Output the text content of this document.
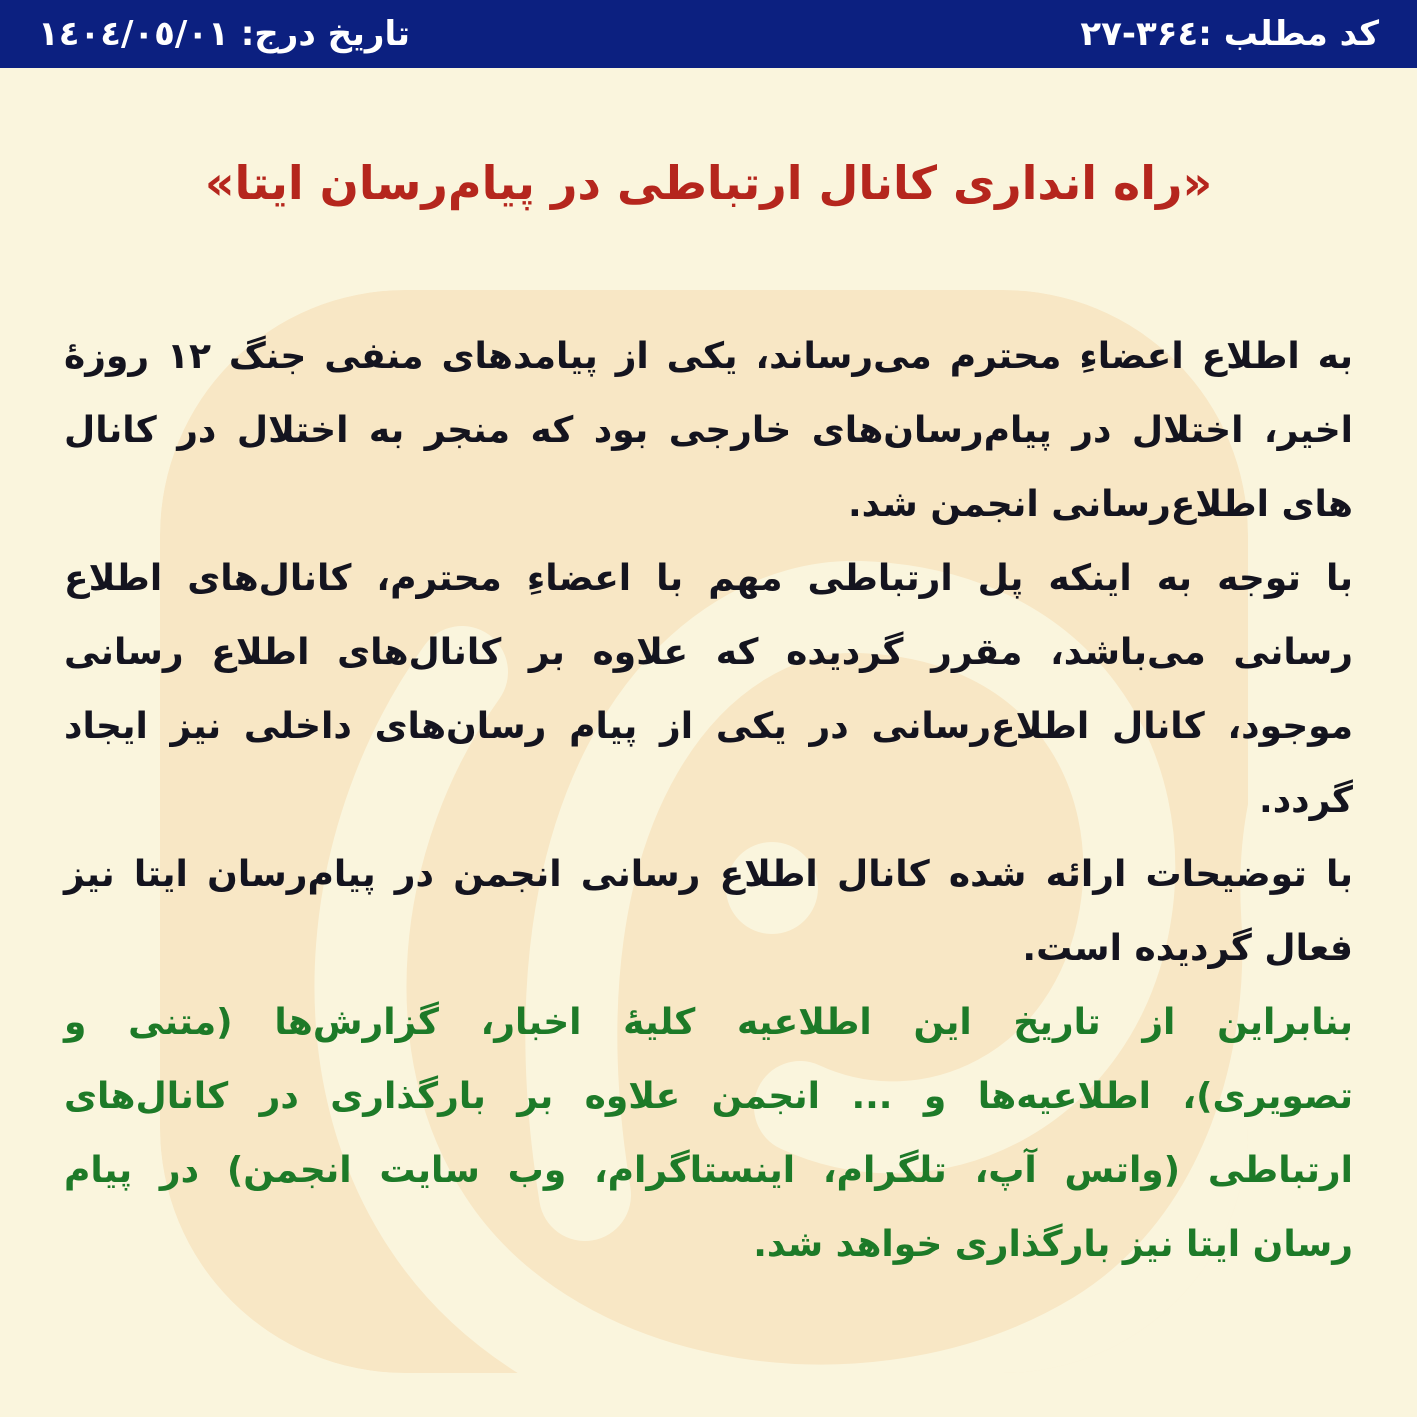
کد مطلب :٣۶٤-٢٧
تاریخ درج: ١٤٠٤/٠٥/٠١
«راه انداری کانال ارتباطی در پیام‌رسان ایتا»
به اطلاع اعضاءِ محترم می‌رساند، یکی از پیامدهای منفی جنگ ١٢ روزهٔ
اخیر، اختلال در پیام‌رسان‌های خارجی بود که منجر به اختلال در کانال
های اطلاع‌رسانی انجمن شد.
با توجه به اینکه پل ارتباطی مهم با اعضاءِ محترم، کانال‌های اطلاع
رسانی می‌باشد، مقرر گردیده که علاوه بر کانال‌های اطلاع رسانی
موجود، کانال اطلاع‌رسانی در یکی از پیام رسان‌های داخلی نیز ایجاد
گردد.
با توضیحات ارائه شده کانال اطلاع رسانی انجمن در پیام‌رسان ایتا نیز
فعال گردیده است.
بنابراین از تاریخ این اطلاعیه کلیهٔ اخبار، گزارش‌ها (متنی و
تصویری)، اطلاعیه‌ها و ... انجمن علاوه بر بارگذاری در کانال‌های
ارتباطی (واتس آپ، تلگرام، اینستاگرام، وب سایت انجمن) در پیام
رسان ایتا نیز بارگذاری خواهد شد.
